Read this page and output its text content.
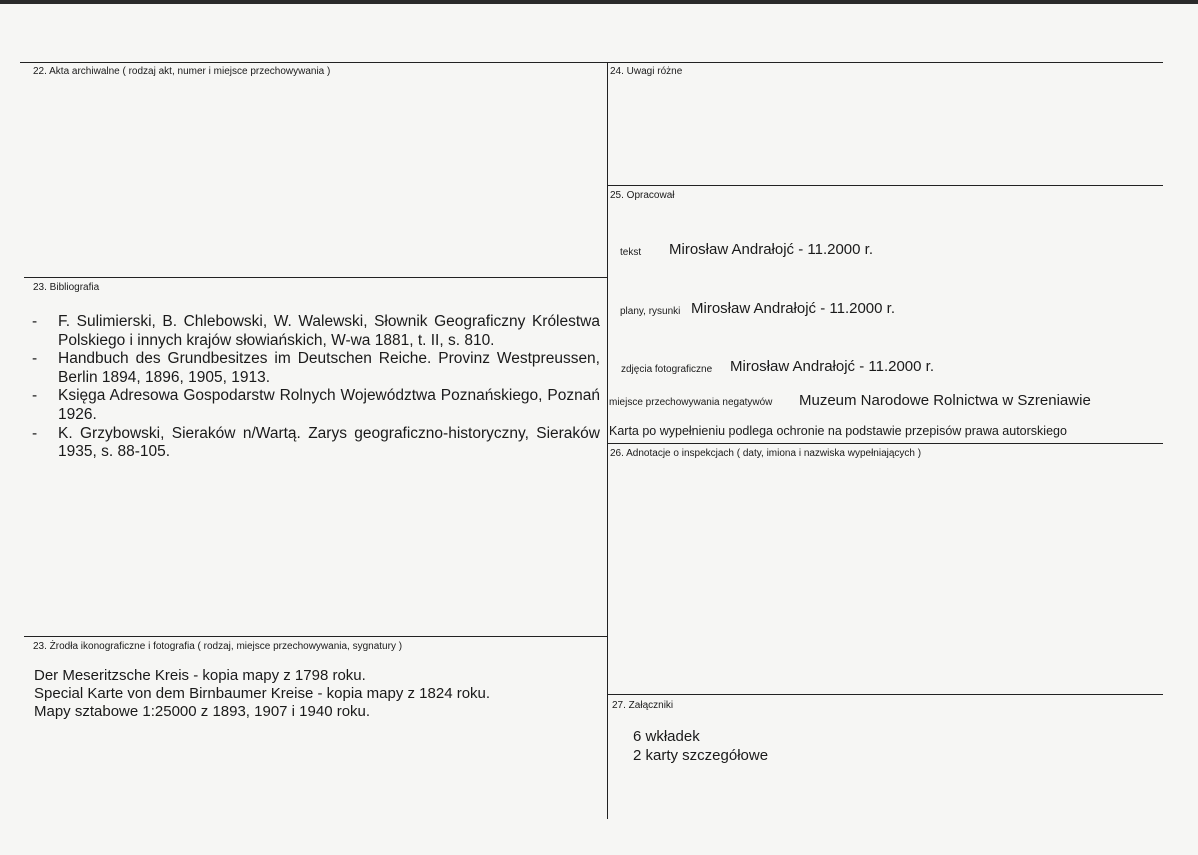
22. Akta archiwalne ( rodzaj akt, numer i miejsce przechowywania )
23. Bibliografia
- F. Sulimierski, B. Chlebowski, W. Walewski, Słownik Geograficzny Królestwa Polskiego i innych krajów słowiańskich, W-wa 1881, t. II, s. 810.
- Handbuch des Grundbesitzes im Deutschen Reiche. Provinz Westpreussen, Berlin 1894, 1896, 1905, 1913.
- Księga Adresowa Gospodarstw Rolnych Województwa Poznańskiego, Poznań 1926.
- K. Grzybowski, Sieraków n/Wartą. Zarys geograficzno-historyczny, Sieraków 1935, s. 88-105.
23. Żrodła ikonograficzne i fotografia ( rodzaj, miejsce przechowywania, sygnatury )
Der Meseritzsche Kreis - kopia mapy z 1798 roku.
Special Karte von dem Birnbaumer Kreise - kopia mapy z 1824 roku.
Mapy sztabowe 1:25000 z 1893, 1907 i 1940 roku.
24. Uwagi różne
25. Opracował
tekst Mirosław Andrałojć - 11.2000 r.
plany, rysunki Mirosław Andrałojć - 11.2000 r.
zdjęcia fotograficzne Mirosław Andrałojć - 11.2000 r.
miejsce przechowywania negatywów Muzeum Narodowe Rolnictwa w Szreniawie
Karta po wypełnieniu podlega ochronie na podstawie przepisów prawa autorskiego
26. Adnotacje o inspekcjach ( daty, imiona i nazwiska wypełniających )
27. Załączniki
6 wkładek
2 karty szczegółowe
